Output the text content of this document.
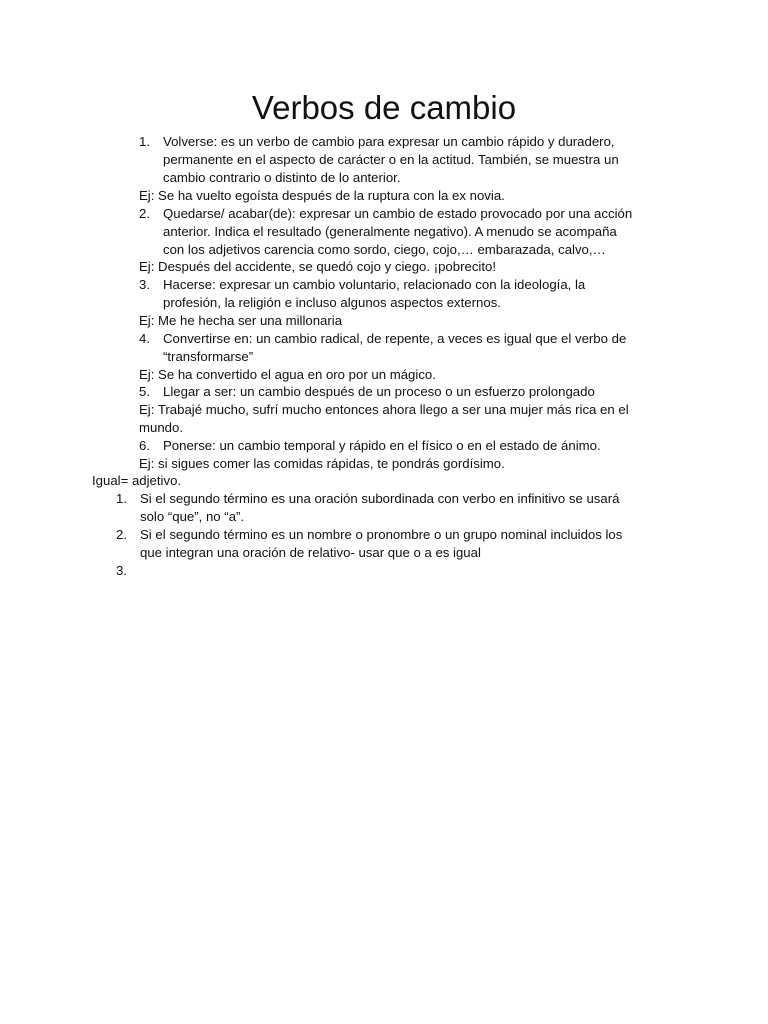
Verbos de cambio
1. Volverse: es un verbo de cambio para expresar un cambio rápido y duradero,
permanente en el aspecto de carácter o en la actitud. También, se muestra un
cambio contrario o distinto de lo anterior.
Ej: Se ha vuelto egoísta después de la ruptura con la ex novia.
2. Quedarse/ acabar(de): expresar un cambio de estado provocado por una acción
anterior. Indica el resultado (generalmente negativo). A menudo se acompaña
con los adjetivos carencia como sordo, ciego, cojo,… embarazada, calvo,…
Ej: Después del accidente, se quedó cojo y ciego. ¡pobrecito!
3. Hacerse: expresar un cambio voluntario, relacionado con la ideología, la
profesión, la religión e incluso algunos aspectos externos.
Ej: Me he hecha ser una millonaria
4. Convertirse en: un cambio radical, de repente, a veces es igual que el verbo de
“transformarse”
Ej: Se ha convertido el agua en oro por un mágico.
5. Llegar a ser: un cambio después de un proceso o un esfuerzo prolongado
Ej: Trabajé mucho, sufrí mucho entonces ahora llego a ser una mujer más rica en el
mundo.
6. Ponerse: un cambio temporal y rápido en el físico o en el estado de ánimo.
Ej: si sigues comer las comidas rápidas, te pondrás gordísimo.
Igual= adjetivo.
1. Si el segundo término es una oración subordinada con verbo en infinitivo se usará
solo “que”, no “a”.
2. Si el segundo término es un nombre o pronombre o un grupo nominal incluidos los
que integran una oración de relativo- usar que o a es igual
3.
